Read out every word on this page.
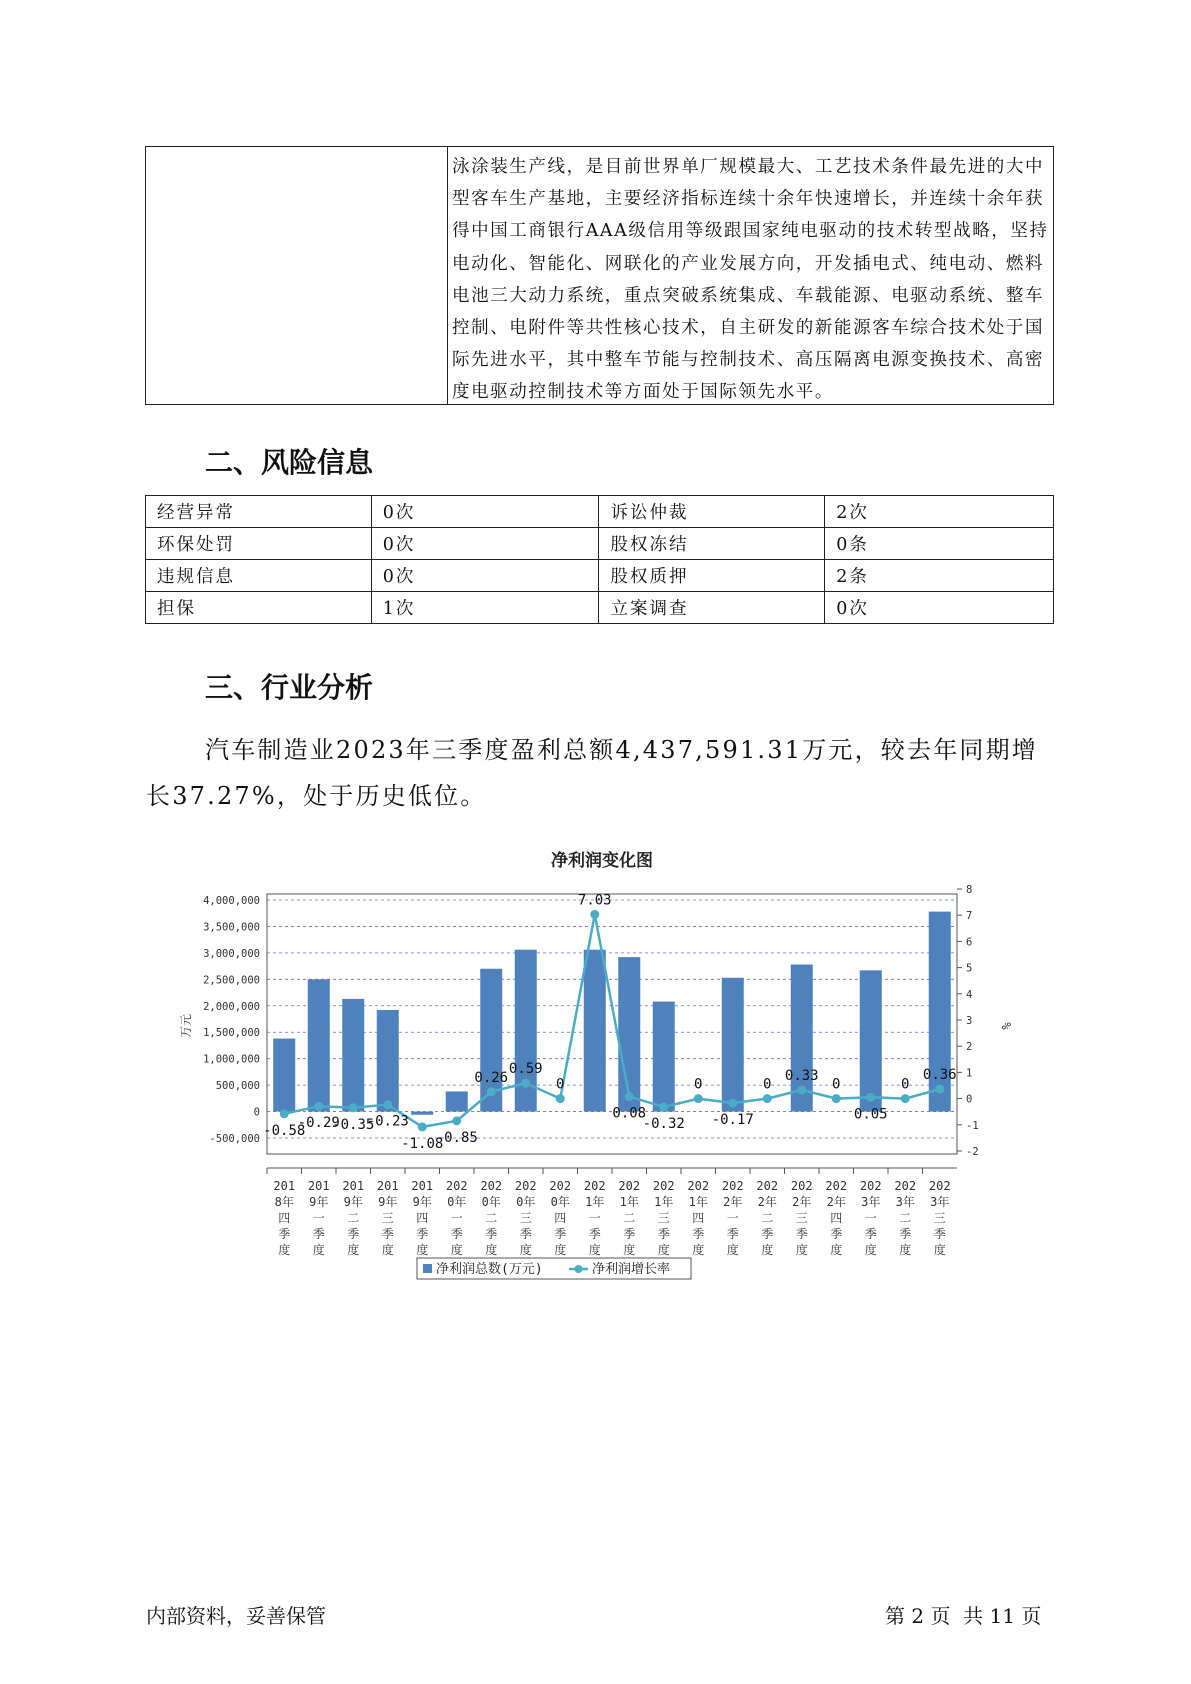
泳涂装生产线，是目前世界单厂规模最大、工艺技术条件最先进的大中型客车生产基地，主要经济指标连续十余年快速增长，并连续十余年获得中国工商银行AAA级信用等级跟国家纯电驱动的技术转型战略，坚持电动化、智能化、网联化的产业发展方向，开发插电式、纯电动、燃料电池三大动力系统，重点突破系统集成、车载能源、电驱动系统、整车控制、电附件等共性核心技术，自主研发的新能源客车综合技术处于国际先进水平，其中整车节能与控制技术、高压隔离电源变换技术、高密度电驱动控制技术等方面处于国际领先水平。
二、风险信息
经营异常	0次	诉讼仲裁	2次
环保处罚	0次	股权冻结	0条
违规信息	0次	股权质押	2条
担保	1次	立案调查	0次
三、行业分析
汽车制造业2023年三季度盈利总额4,437,591.31万元，较去年同期增
长37.27%，处于历史低位。
净利润变化图
-500,000
0
500,000
1,000,000
1,500,000
2,000,000
2,500,000
3,000,000
3,500,000
4,000,000
-2
-1
0
1
2
3
4
5
6
7
8
万元	%
-0.58
-0.29
-0.35
-0.23
-1.08
-0.85
0.26
0.59
0
7.03
0.08
-0.32
0
-0.17
0
0.33
0
0.05
0
0.36
201 8年四季度
201 9年一季度
201 9年二季度
201 9年三季度
201 9年四季度
202 0年一季度
202 0年二季度
202 0年三季度
202 0年四季度
202 1年一季度
202 1年二季度
202 1年三季度
202 1年四季度
202 2年一季度
202 2年二季度
202 2年三季度
202 2年四季度
202 3年一季度
202 3年二季度
202 3年三季度
净利润总数(万元)	净利润增长率
内部资料，妥善保管	第 2 页  共 11 页
